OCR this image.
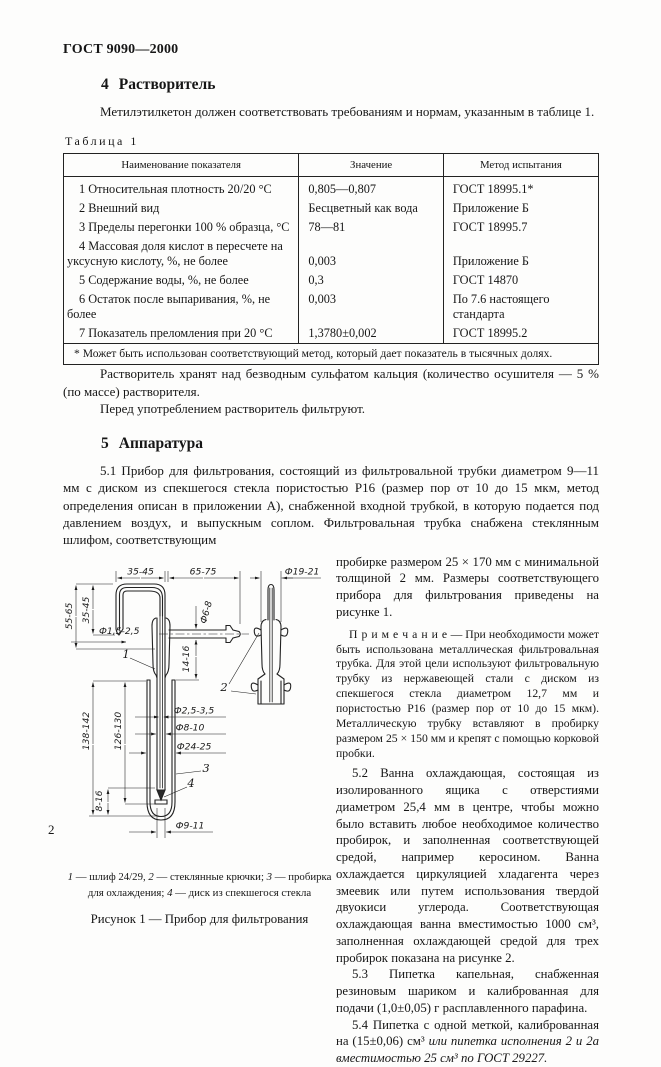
ГОСТ 9090—2000
4 Растворитель

Метилэтилкетон должен соответствовать требованиям и нормам, указанным в таблице 1.

Таблица 1
Наименование показателя	Значение	Метод испытания
1 Относительная плотность 20/20 °С	0,805—0,807	ГОСТ 18995.1*
2 Внешний вид	Бесцветный как вода	Приложение Б
3 Пределы перегонки 100 % образца, °С	78—81	ГОСТ 18995.7
4 Массовая доля кислот в пересчете на уксусную кислоту, %, не более	0,003	Приложение Б
5 Содержание воды, %, не более	0,3	ГОСТ 14870
6 Остаток после выпаривания, %, не более	0,003	По 7.6 настоящего стандарта
7 Показатель преломления при 20 °С	1,3780±0,002	ГОСТ 18995.2
* Может быть использован соответствующий метод, который дает показатель в тысячных долях.		

Растворитель хранят над безводным сульфатом кальция (количество осушителя — 5 % (по массе) растворителя.

Перед употреблением растворитель фильтруют.

5 Аппаратура

5.1 Прибор для фильтрования, состоящий из фильтровальной трубки диаметром 9—11 мм с диском из спекшегося стекла пористостью Р16 (размер пор от 10 до 15 мкм, метод определения описан в приложении А), снабженной входной трубкой, в которую подается под давлением воздух, и выпускным соплом. Фильтровальная трубка снабжена стеклянным шлифом, соответствующим

35-45	65-75	Ф19-21
55-65 35-45
Ф1,5-2,5
Ф6-8
14-16
138-142 126-130
Ф2,5-3,5
Ф8-10
Ф24-25
8-16
Ф9-11
1
2
3
4
1 — шлиф 24/29, 2 — стеклянные крючки; 3 — пробирка для охлаждения; 4 — диск из спекшегося стекла
Рисунок 1 — Прибор для фильтрования

пробирке размером 25 × 170 мм с минимальной толщиной 2 мм. Размеры соответствующего прибора для фильтрования приведены на рисунке 1.

П р и м е ч а н и е — При необходимости может быть использована металлическая фильтровальная трубка. Для этой цели используют фильтровальную трубку из нержавеющей стали с диском из спекшегося стекла диаметром 12,7 мм и пористостью Р16 (размер пор от 10 до 15 мкм). Металлическую трубку вставляют в пробирку размером 25 × 150 мм и крепят с помощью корковой пробки.

5.2 Ванна охлаждающая, состоящая из изолированного ящика с отверстиями диаметром 25,4 мм в центре, чтобы можно было вставить любое необходимое количество пробирок, и заполненная соответствующей средой, например керосином. Ванна охлаждается циркуляцией хладагента через змеевик или путем использования твердой двуокиси углерода. Соответствующая охлаждающая ванна вместимостью 1000 см³, заполненная охлаждающей средой для трех пробирок показана на рисунке 2.

5.3 Пипетка капельная, снабженная резиновым шариком и калиброванная для подачи (1,0±0,05) г расплавленного парафина.

5.4 Пипетка с одной меткой, калиброванная на (15±0,06) см³ или пипетка исполнения 2 и 2а вместимостью 25 см³ по ГОСТ 29227.

2
